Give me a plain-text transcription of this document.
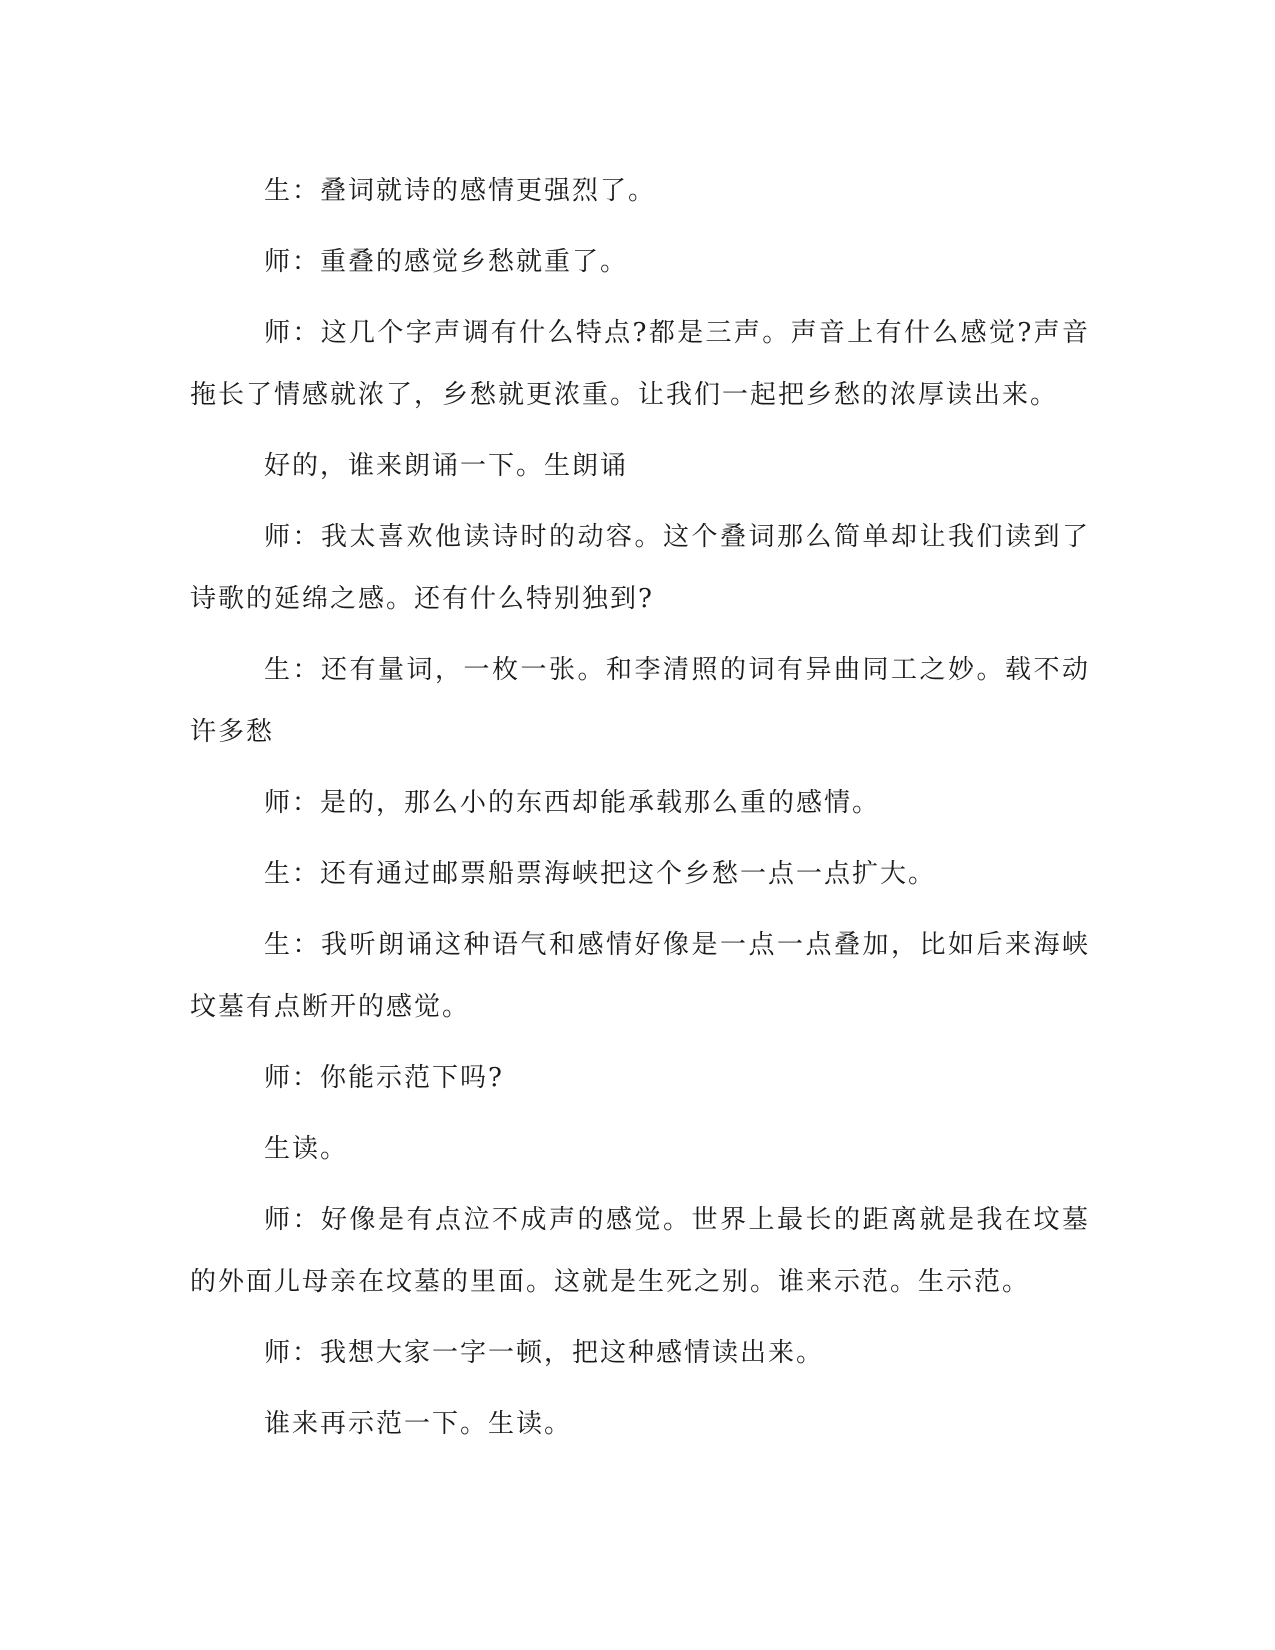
生：叠词就诗的感情更强烈了。

师：重叠的感觉乡愁就重了。

师：这几个字声调有什么特点?都是三声。声音上有什么感觉?声音拖长了情感就浓了，乡愁就更浓重。让我们一起把乡愁的浓厚读出来。

好的，谁来朗诵一下。生朗诵

师：我太喜欢他读诗时的动容。这个叠词那么简单却让我们读到了诗歌的延绵之感。还有什么特别独到?

生：还有量词，一枚一张。和李清照的词有异曲同工之妙。载不动许多愁

师：是的，那么小的东西却能承载那么重的感情。

生：还有通过邮票船票海峡把这个乡愁一点一点扩大。

生：我听朗诵这种语气和感情好像是一点一点叠加，比如后来海峡坟墓有点断开的感觉。

师：你能示范下吗?

生读。

师：好像是有点泣不成声的感觉。世界上最长的距离就是我在坟墓的外面儿母亲在坟墓的里面。这就是生死之别。谁来示范。生示范。

师：我想大家一字一顿，把这种感情读出来。

谁来再示范一下。生读。
